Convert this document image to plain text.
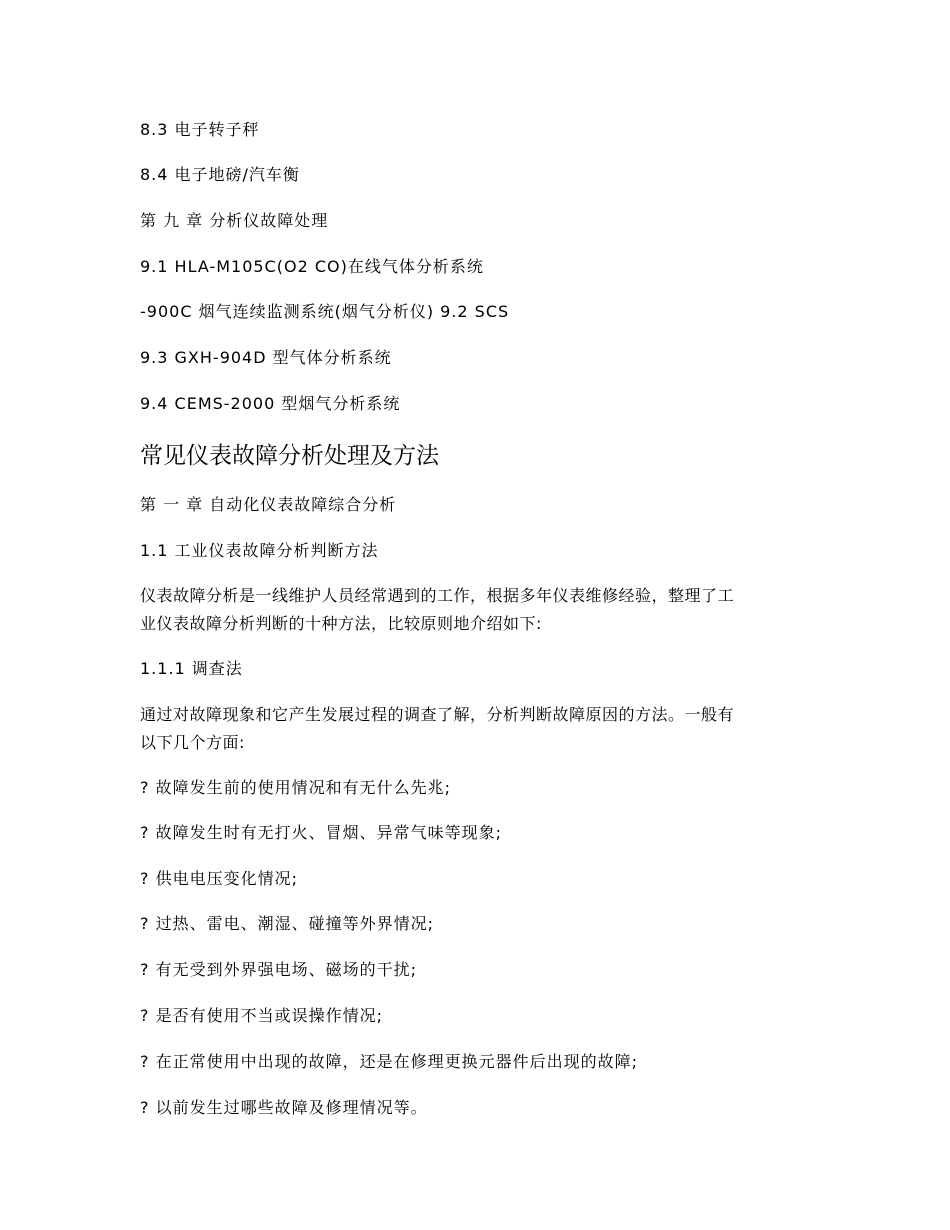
8.3 电子转子秤
8.4 电子地磅/汽车衡
第 九 章 分析仪故障处理
9.1 HLA-M105C(O2 CO)在线气体分析系统
-900C 烟气连续监测系统(烟气分析仪) 9.2 SCS
9.3 GXH-904D 型气体分析系统
9.4 CEMS-2000 型烟气分析系统
常见仪表故障分析处理及方法
第 一 章 自动化仪表故障综合分析
1.1 工业仪表故障分析判断方法
仪表故障分析是一线维护人员经常遇到的工作，根据多年仪表维修经验，整理了工
业仪表故障分析判断的十种方法，比较原则地介绍如下:
1.1.1 调查法
通过对故障现象和它产生发展过程的调查了解，分析判断故障原因的方法。一般有
以下几个方面:
? 故障发生前的使用情况和有无什么先兆;
? 故障发生时有无打火、冒烟、异常气味等现象;
? 供电电压变化情况;
? 过热、雷电、潮湿、碰撞等外界情况;
? 有无受到外界强电场、磁场的干扰;
? 是否有使用不当或误操作情况;
? 在正常使用中出现的故障，还是在修理更换元器件后出现的故障;
? 以前发生过哪些故障及修理情况等。
